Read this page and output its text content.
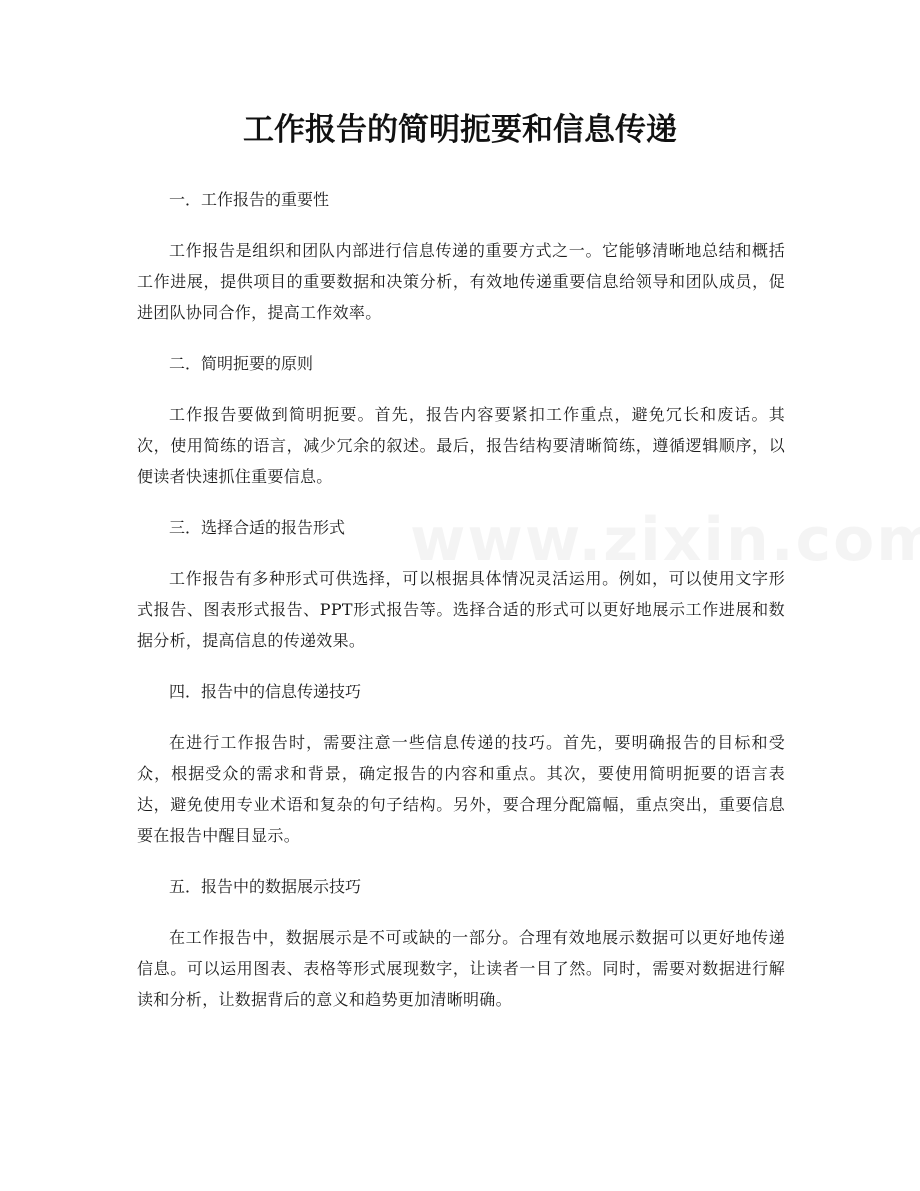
工作报告的简明扼要和信息传递

一．工作报告的重要性

工作报告是组织和团队内部进行信息传递的重要方式之一。它能够清晰地总结和概括工作进展，提供项目的重要数据和决策分析，有效地传递重要信息给领导和团队成员，促进团队协同合作，提高工作效率。

二．简明扼要的原则

工作报告要做到简明扼要。首先，报告内容要紧扣工作重点，避免冗长和废话。其次，使用简练的语言，减少冗余的叙述。最后，报告结构要清晰简练，遵循逻辑顺序，以便读者快速抓住重要信息。

三．选择合适的报告形式

工作报告有多种形式可供选择，可以根据具体情况灵活运用。例如，可以使用文字形式报告、图表形式报告、PPT形式报告等。选择合适的形式可以更好地展示工作进展和数据分析，提高信息的传递效果。

四．报告中的信息传递技巧

在进行工作报告时，需要注意一些信息传递的技巧。首先，要明确报告的目标和受众，根据受众的需求和背景，确定报告的内容和重点。其次，要使用简明扼要的语言表达，避免使用专业术语和复杂的句子结构。另外，要合理分配篇幅，重点突出，重要信息要在报告中醒目显示。

五．报告中的数据展示技巧

在工作报告中，数据展示是不可或缺的一部分。合理有效地展示数据可以更好地传递信息。可以运用图表、表格等形式展现数字，让读者一目了然。同时，需要对数据进行解读和分析，让数据背后的意义和趋势更加清晰明确。
